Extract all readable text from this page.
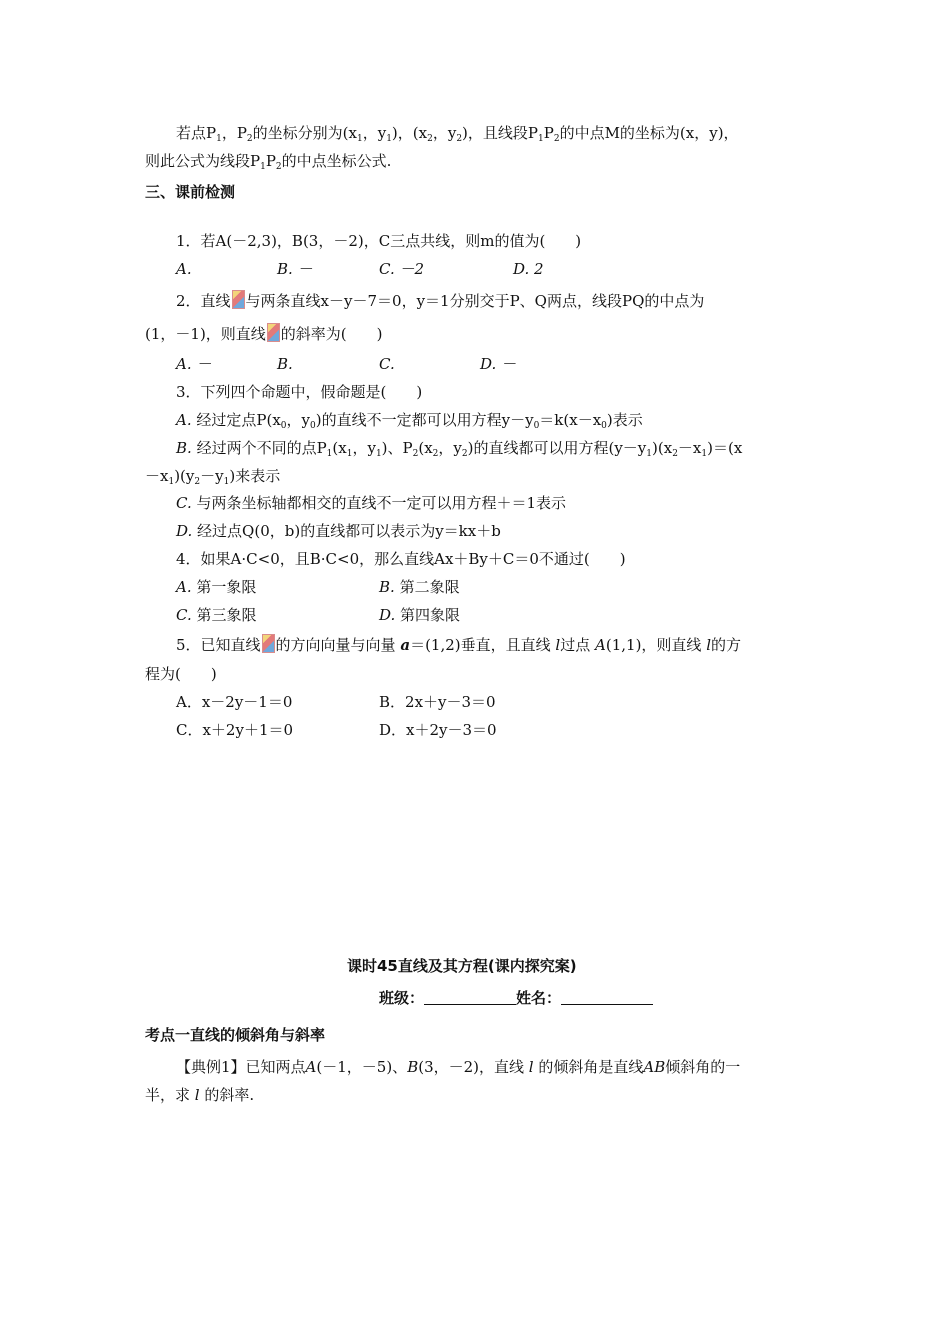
若点$P_1$，$P_2$的坐标分别为($x_1$，$y_1$)，($x_2$，$y_2$)，且线段$P_1P_2$的中点M的坐标为(x，y)，
则此公式为线段$P_1P_2$的中点坐标公式.
三、课前检测
1．若A(－2,3)，B(3，－2)，C三点共线，则m的值为(　　)
A.	B. －	C. －2	D. 2
2．直线 与两条直线x－y－7＝0，y＝1分别交于P、Q两点，线段PQ的中点为
(1，－1)，则直线 的斜率为(　　)
A. －	B.	C.	D. －
3．下列四个命题中，假命题是(　　)
A. 经过定点$P(x_0$，$y_0$)的直线不一定都可以用方程$y-y_0=k(x-x_0)$表示
B. 经过两个不同的点$P_1(x_1$，$y_1$)、$P_2(x_2$，$y_2$)的直线都可以用方程$(y-y_1)(x_2-x_1)=(x$
$-x_1)(y_2-y_1)$来表示
C. 与两条坐标轴都相交的直线不一定可以用方程＋＝1表示
D. 经过点Q(0，b)的直线都可以表示为y＝kx＋b
4．如果A·C<0，且B·C<0，那么直线Ax＋By＋C＝0不通过(　　)
A. 第一象限	B. 第二象限
C. 第三象限	D. 第四象限
5．已知直线 的方向向量与向量 a＝(1,2)垂直，且直线 l过点 A(1,1)，则直线 l的方
程为(　　)
A．x－2y－1＝0	B．2x＋y－3＝0
C．x＋2y＋1＝0	D．x＋2y－3＝0
课时45直线及其方程(课内探究案)
班级：	姓名：
考点一直线的倾斜角与斜率
【典例1】已知两点A(－1，－5)、B(3，－2)，直线 l 的倾斜角是直线AB倾斜角的一
半，求 l 的斜率.
